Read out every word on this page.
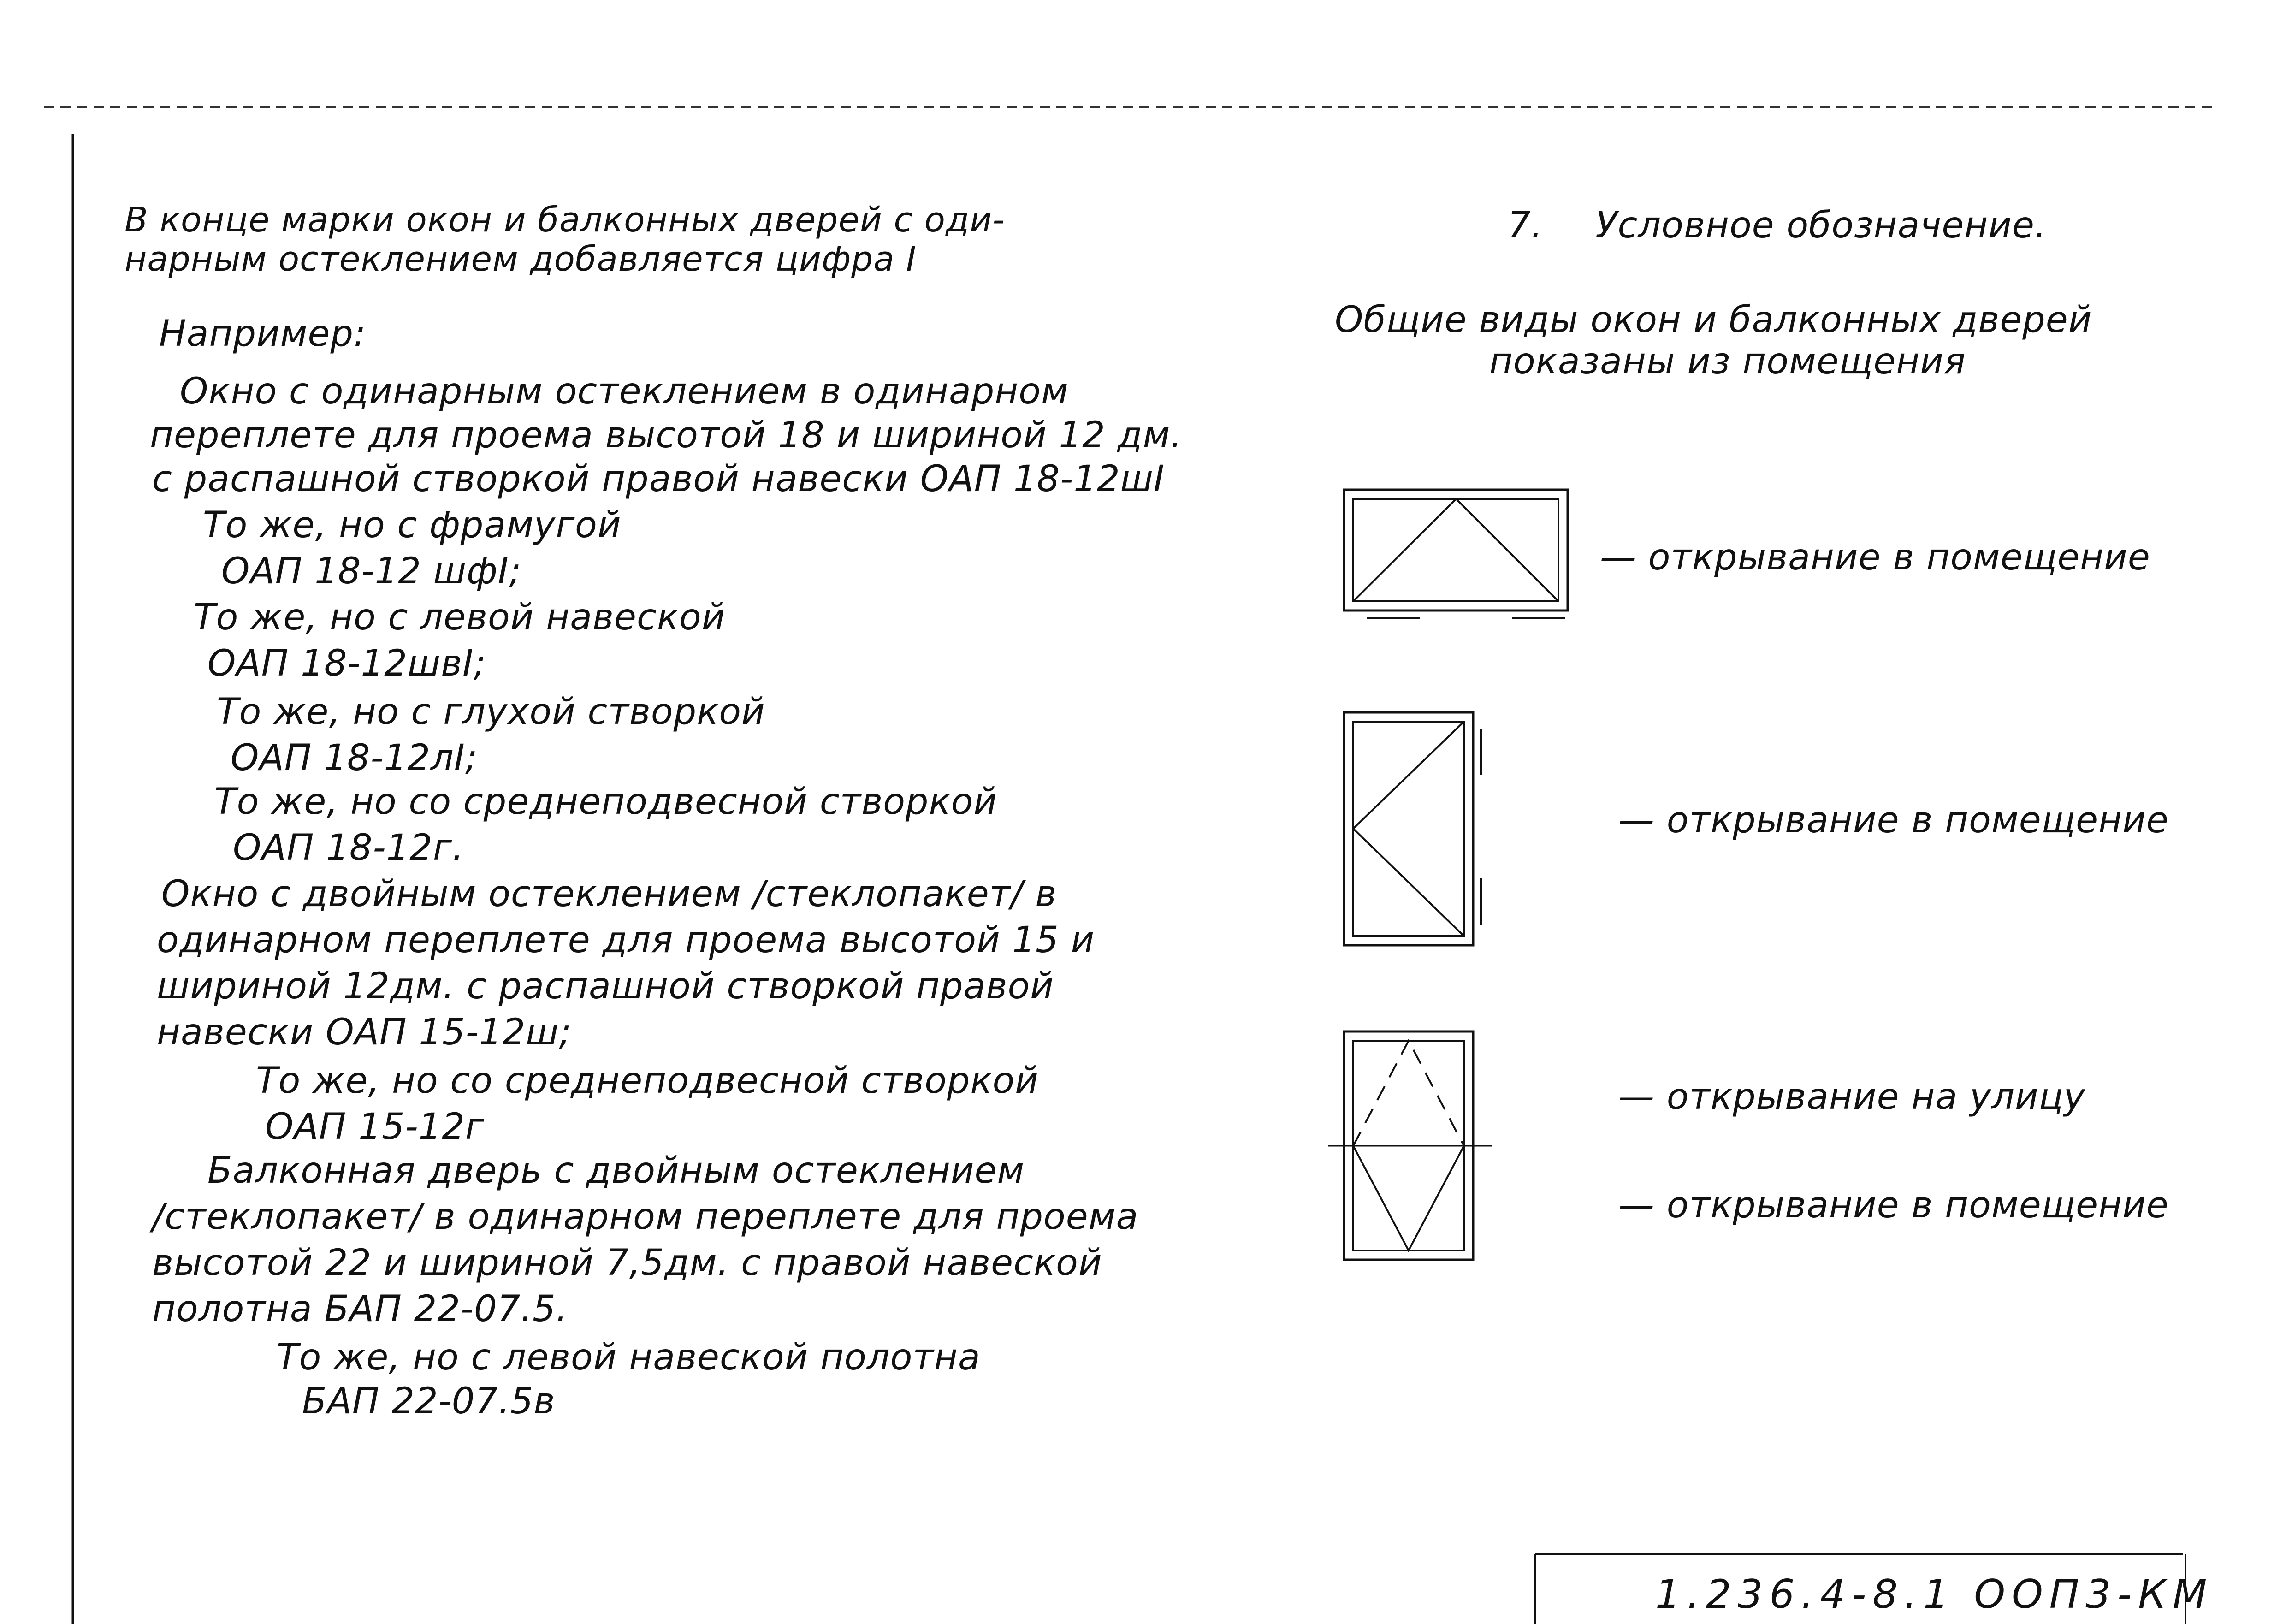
В конце марки окон и балконных дверей с оди-
нарным остеклением добавляется цифра I
Например:
Окно с одинарным остеклением в одинарном
переплете для проема высотой 18 и шириной 12 дм.
с распашной створкой правой навески ОАП 18-12шI
То же, но с фрамугой
ОАП 18-12 шфI;
То же, но с левой навеской
ОАП 18-12швI;
То же, но с глухой створкой
ОАП 18-12лI;
То же, но со среднеподвесной створкой
ОАП 18-12г.
Окно с двойным остеклением /стеклопакет/ в
одинарном переплете для проема высотой 15 и
шириной 12дм. с распашной створкой правой
навески ОАП 15-12ш;
То же, но со среднеподвесной створкой
ОАП 15-12г
Балконная дверь с двойным остеклением
/стеклопакет/ в одинарном переплете для проема
высотой 22 и шириной 7,5дм. с правой навеской
полотна БАП 22-07.5.
То же, но с левой навеской полотна
БАП 22-07.5в
7. Условное обозначение.
Общие виды окон и балконных дверей
показаны из помещения
— открывание в помещение
— открывание в помещение
— открывание на улицу
— открывание в помещение
1.236.4-8.1 ООП3-КМ
